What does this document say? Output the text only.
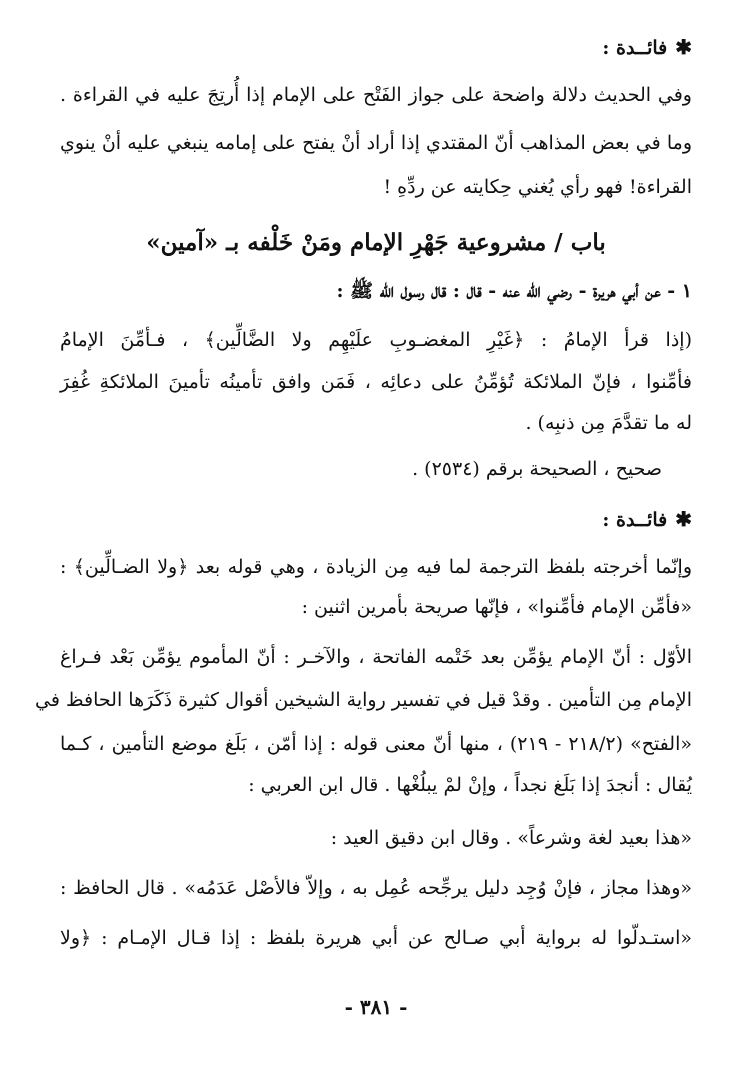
✱فائــدة :
وفي الحديث دلالة واضحة على جواز الفَتْح على الإمام إذا أُرتِجَ عليه في القراءة .
وما في بعض المذاهب أنّ المقتدي إذا أراد أنْ يفتح على إمامه ينبغي عليه أنْ ينوي
القراءة! فهو رأي يُغني حِكايته عن ردِّهِ !
باب / مشروعية جَهْرِ الإمام ومَنْ خَلْفه بـ «آمين»
١ - عن أبي هريرة - رضي الله عنه - قال : قال رسول الله ﷺ :
(إذا قرأ الإمامُ : ﴿غَيْرِ المغضـوبِ علَيْهِم ولا الضَّالِّين﴾ ، فـأمِّنَ الإمامُ
فأمِّنوا ، فإنّ الملائكة تُؤمِّنُ على دعائِه ، فَمَن وافق تأمينُه تأمينَ الملائكةِ غُفِرَ
له ما تقدَّمَ مِن ذنبِه) .
صحيح ، الصحيحة برقم (٢٥٣٤) .
✱فائــدة :
وإنّما أخرجته بلفظ الترجمة لما فيه مِن الزيادة ، وهي قوله بعد ﴿ولا الضـالِّين﴾ :
«فأمِّن الإمام فأمِّنوا» ، فإنّها صريحة بأمرين اثنين :
الأوّل : أنّ الإمام يؤمِّن بعد خَتْمه الفاتحة ، والآخـر : أنّ المأموم يؤمِّن بَعْد فـراغ
الإمام مِن التأمين . وقدْ قيل في تفسير رواية الشيخين أقوال كثيرة ذَكَرَها الحافظ في
«الفتح» (٢١٨/٢ - ٢١٩) ، منها أنّ معنى قوله : إذا أمّن ، بَلَغ موضع التأمين ، كـما
يُقال : أنجدَ إذا بَلَغ نجداً ، وإنْ لمْ يبلُغْها . قال ابن العربي :
«هذا بعيد لغة وشرعاً» . وقال ابن دقيق العيد :
«وهذا مجاز ، فإنْ وُجِد دليل يرجِّحه عُمِل به ، وإلاّ فالأصْل عَدَمُه» . قال الحافظ :
«استـدلّوا له برواية أبي صـالح عن أبي هريرة بلفظ : إذا قـال الإمـام : ﴿ولا
- ٣٨١ -
